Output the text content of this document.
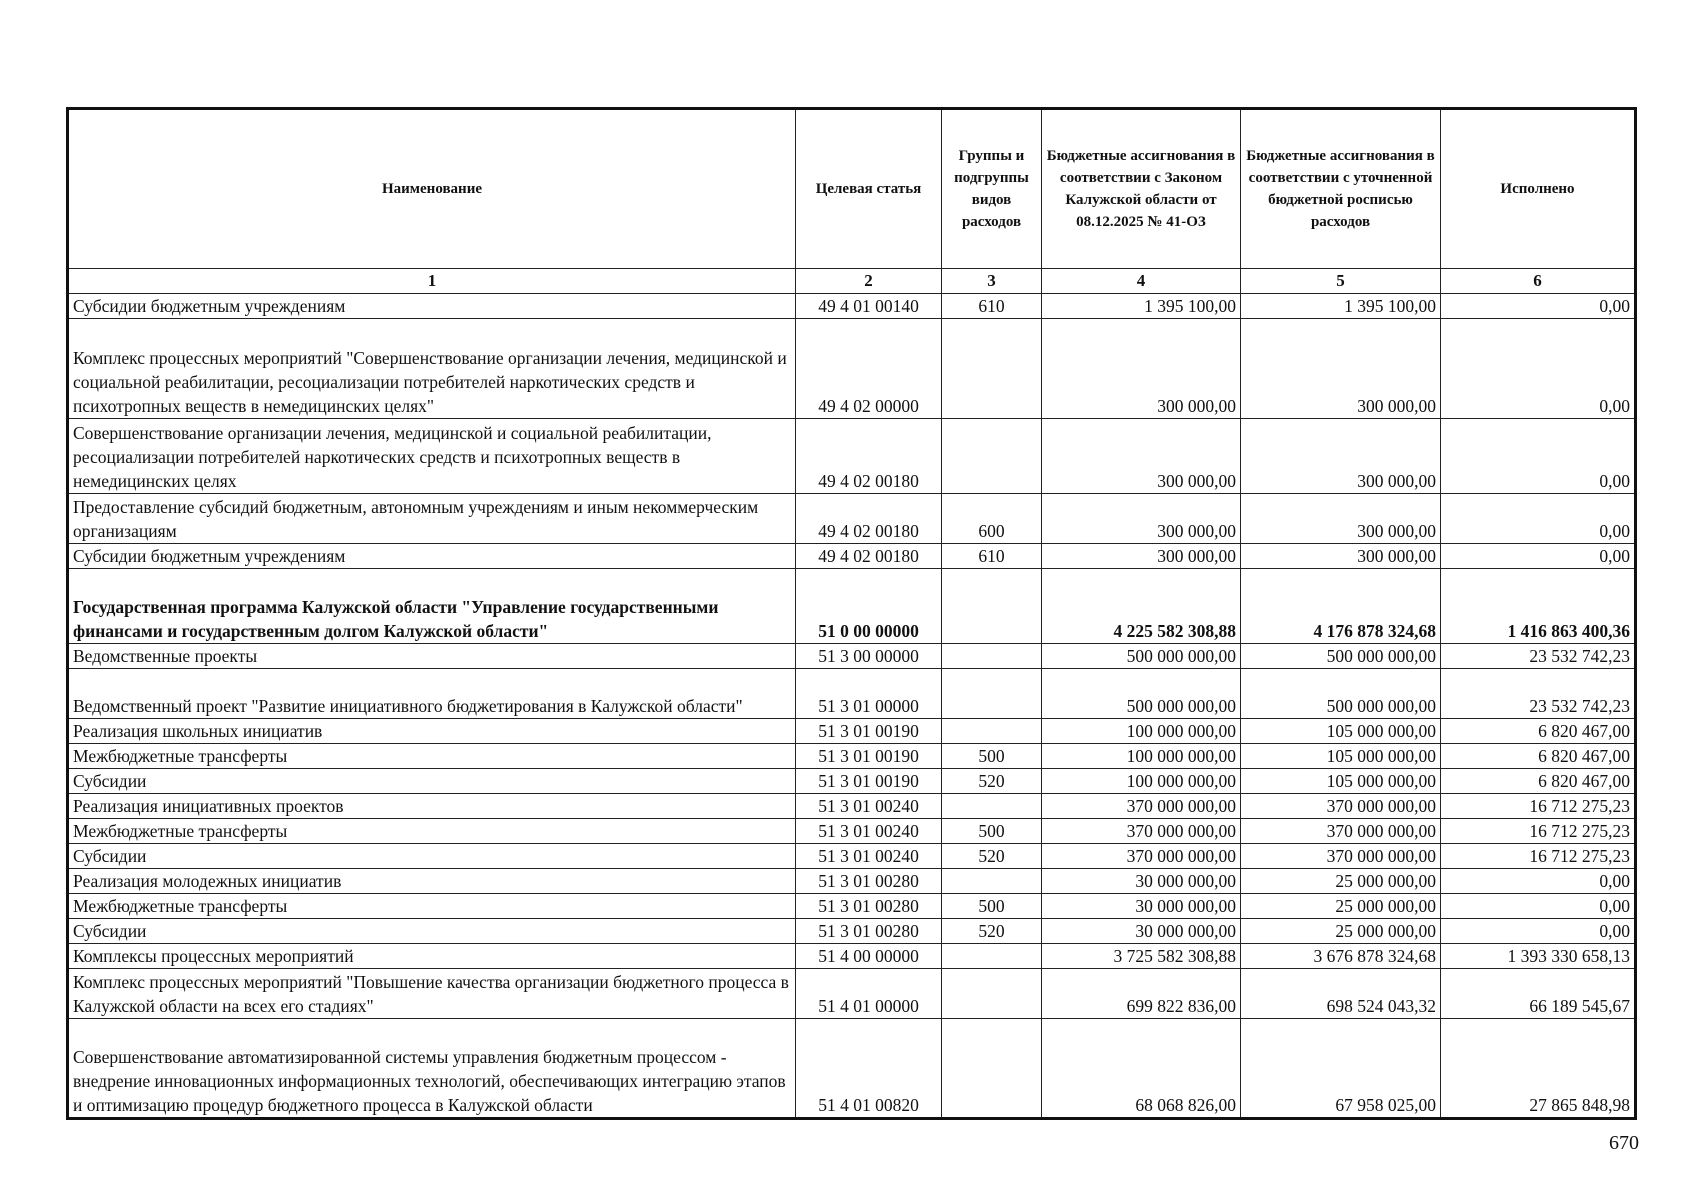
Наименование	Целевая статья	Группы и подгруппы видов расходов	Бюджетные ассигнования в соответствии с Законом Калужской области от 08.12.2025 № 41-ОЗ	Бюджетные ассигнования в соответствии с уточненной бюджетной росписью расходов	Исполнено
1	2	3	4	5	6
Субсидии бюджетным учреждениям	49 4 01 00140	610	1 395 100,00	1 395 100,00	0,00
Комплекс процессных мероприятий "Совершенствование организации лечения, медицинской и социальной реабилитации, ресоциализации потребителей наркотических средств и психотропных веществ в немедицинских целях"	49 4 02 00000		300 000,00	300 000,00	0,00
Совершенствование организации лечения, медицинской и социальной реабилитации, ресоциализации потребителей наркотических средств и психотропных веществ в немедицинских целях	49 4 02 00180		300 000,00	300 000,00	0,00
Предоставление субсидий бюджетным, автономным учреждениям и иным некоммерческим организациям	49 4 02 00180	600	300 000,00	300 000,00	0,00
Субсидии бюджетным учреждениям	49 4 02 00180	610	300 000,00	300 000,00	0,00
Государственная программа Калужской области "Управление государственными финансами и государственным долгом Калужской области"	51 0 00 00000		4 225 582 308,88	4 176 878 324,68	1 416 863 400,36
Ведомственные проекты	51 3 00 00000		500 000 000,00	500 000 000,00	23 532 742,23
Ведомственный проект "Развитие инициативного бюджетирования в Калужской области"	51 3 01 00000		500 000 000,00	500 000 000,00	23 532 742,23
Реализация школьных инициатив	51 3 01 00190		100 000 000,00	105 000 000,00	6 820 467,00
Межбюджетные трансферты	51 3 01 00190	500	100 000 000,00	105 000 000,00	6 820 467,00
Субсидии	51 3 01 00190	520	100 000 000,00	105 000 000,00	6 820 467,00
Реализация инициативных проектов	51 3 01 00240		370 000 000,00	370 000 000,00	16 712 275,23
Межбюджетные трансферты	51 3 01 00240	500	370 000 000,00	370 000 000,00	16 712 275,23
Субсидии	51 3 01 00240	520	370 000 000,00	370 000 000,00	16 712 275,23
Реализация молодежных инициатив	51 3 01 00280		30 000 000,00	25 000 000,00	0,00
Межбюджетные трансферты	51 3 01 00280	500	30 000 000,00	25 000 000,00	0,00
Субсидии	51 3 01 00280	520	30 000 000,00	25 000 000,00	0,00
Комплексы процессных мероприятий	51 4 00 00000		3 725 582 308,88	3 676 878 324,68	1 393 330 658,13
Комплекс процессных мероприятий "Повышение качества организации бюджетного процесса в Калужской области на всех его стадиях"	51 4 01 00000		699 822 836,00	698 524 043,32	66 189 545,67
Совершенствование автоматизированной системы управления бюджетным процессом - внедрение инновационных информационных технологий, обеспечивающих интеграцию этапов и оптимизацию процедур бюджетного процесса в Калужской области	51 4 01 00820		68 068 826,00	67 958 025,00	27 865 848,98
670
